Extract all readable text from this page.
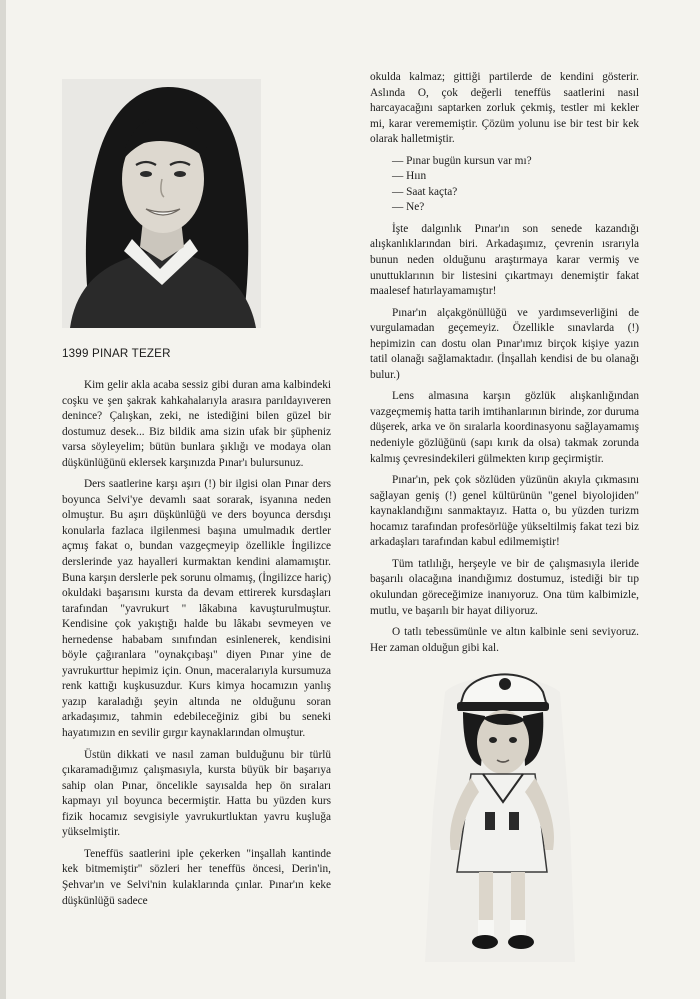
1399 PINAR TEZER

Kim gelir akla acaba sessiz gibi duran ama kalbindeki coşku ve şen şakrak kahkahalarıyla arasıra parıldayıveren denince? Çalışkan, zeki, ne istediğini bilen güzel bir dostumuz desek... Biz bildik ama sizin ufak bir şüpheniz varsa söyleyelim; bütün bunlara şıklığı ve modaya olan düşkünlüğünü eklersek karşınızda Pınar'ı bulursunuz.

Ders saatlerine karşı aşırı (!) bir ilgisi olan Pınar ders boyunca Selvi'ye devamlı saat sorarak, isyanına neden olmuştur. Bu aşırı düşkünlüğü ve ders boyunca dersdışı konularla fazlaca ilgilenmesi başına umulmadık dertler açmış fakat o, bundan vazgeçmeyip özellikle İngilizce derslerinde yaz hayalleri kurmaktan kendini alamamıştır. Buna karşın derslerle pek sorunu olmamış, (İngilizce hariç) okuldaki başarısını kursta da devam ettirerek kursdaşları tarafından "yavrukurt " lâkabına kavuşturulmuştur. Kendisine çok yakıştığı halde bu lâkabı sevmeyen ve hernedense hababam sınıfından esinlenerek, kendisini böyle çağıranlara "oynakçıbaşı" diyen Pınar yine de yavrukurttur hepimiz için. Onun, maceralarıyla kursumuza renk kattığı kuşkusuzdur. Kurs kimya hocamızın yanlış yazıp karaladığı şeyin altında ne olduğunu soran arkadaşımız, tahmin edebileceğiniz gibi bu seneki hayatımızın en sevilir gırgır kaynaklarından olmuştur.

Üstün dikkati ve nasıl zaman bulduğunu bir türlü çıkaramadığımız çalışmasıyla, kursta büyük bir başarıya sahip olan Pınar, öncelikle sayısalda hep ön sıraları kapmayı yıl boyunca becermiştir. Hatta bu yüzden kurs fizik hocamız sevgisiyle yavrukurtluktan yavru kuşluğa yükselmiştir.

Teneffüs saatlerini iple çekerken "inşallah kantinde kek bitmemiştir" sözleri her teneffüs öncesi, Derin'in, Şehvar'ın ve Selvi'nin kulaklarında çınlar. Pınar'ın keke düşkünlüğü sadece

okulda kalmaz; gittiği partilerde de kendini gösterir. Aslında O, çok değerli teneffüs saatlerini nasıl harcayacağını saptarken zorluk çekmiş, testler mi kekler mi, karar verememiştir. Çözüm yolunu ise bir test bir kek olarak halletmiştir.

— Pınar bugün kursun var mı?
— Hıın
— Saat kaçta?
— Ne?

İşte dalgınlık Pınar'ın son senede kazandığı alışkanlıklarından biri. Arkadaşımız, çevrenin ısrarıyla bunun neden olduğunu araştırmaya karar vermiş ve unuttuklarının bir listesini çıkartmayı denemiştir fakat maalesef hatırlayamamıştır!

Pınar'ın alçakgönüllüğü ve yardımseverliğini de vurgulamadan geçemeyiz. Özellikle sınavlarda (!) hepimizin can dostu olan Pınar'ımız birçok kişiye yazın tatil olanağı sağlamaktadır. (İnşallah kendisi de bu olanağı bulur.)

Lens almasına karşın gözlük alışkanlığından vazgeçmemiş hatta tarih imtihanlarının birinde, zor duruma düşerek, arka ve ön sıralarla koordinasyonu sağlayamamış nedeniyle gözlüğünü (sapı kırık da olsa) takmak zorunda kalmış çevresindekileri gülmekten kırıp geçirmiştir.

Pınar'ın, pek çok sözlüden yüzünün akıyla çıkmasını sağlayan geniş (!) genel kültürünün "genel biyolojiden" kaynaklandığını sanmaktayız. Hatta o, bu yüzden turizm hocamız tarafından profesörlüğe yükseltilmiş fakat tezi biz arkadaşları tarafından kabul edilmemiştir!

Tüm tatlılığı, herşeyle ve bir de çalışmasıyla ileride başarılı olacağına inandığımız dostumuz, istediği bir tıp okulundan göreceğimize inanıyoruz. Ona tüm kalbimizle, mutlu, ve başarılı bir hayat diliyoruz.

O tatlı tebessümünle ve altın kalbinle seni seviyoruz. Her zaman olduğun gibi kal.
